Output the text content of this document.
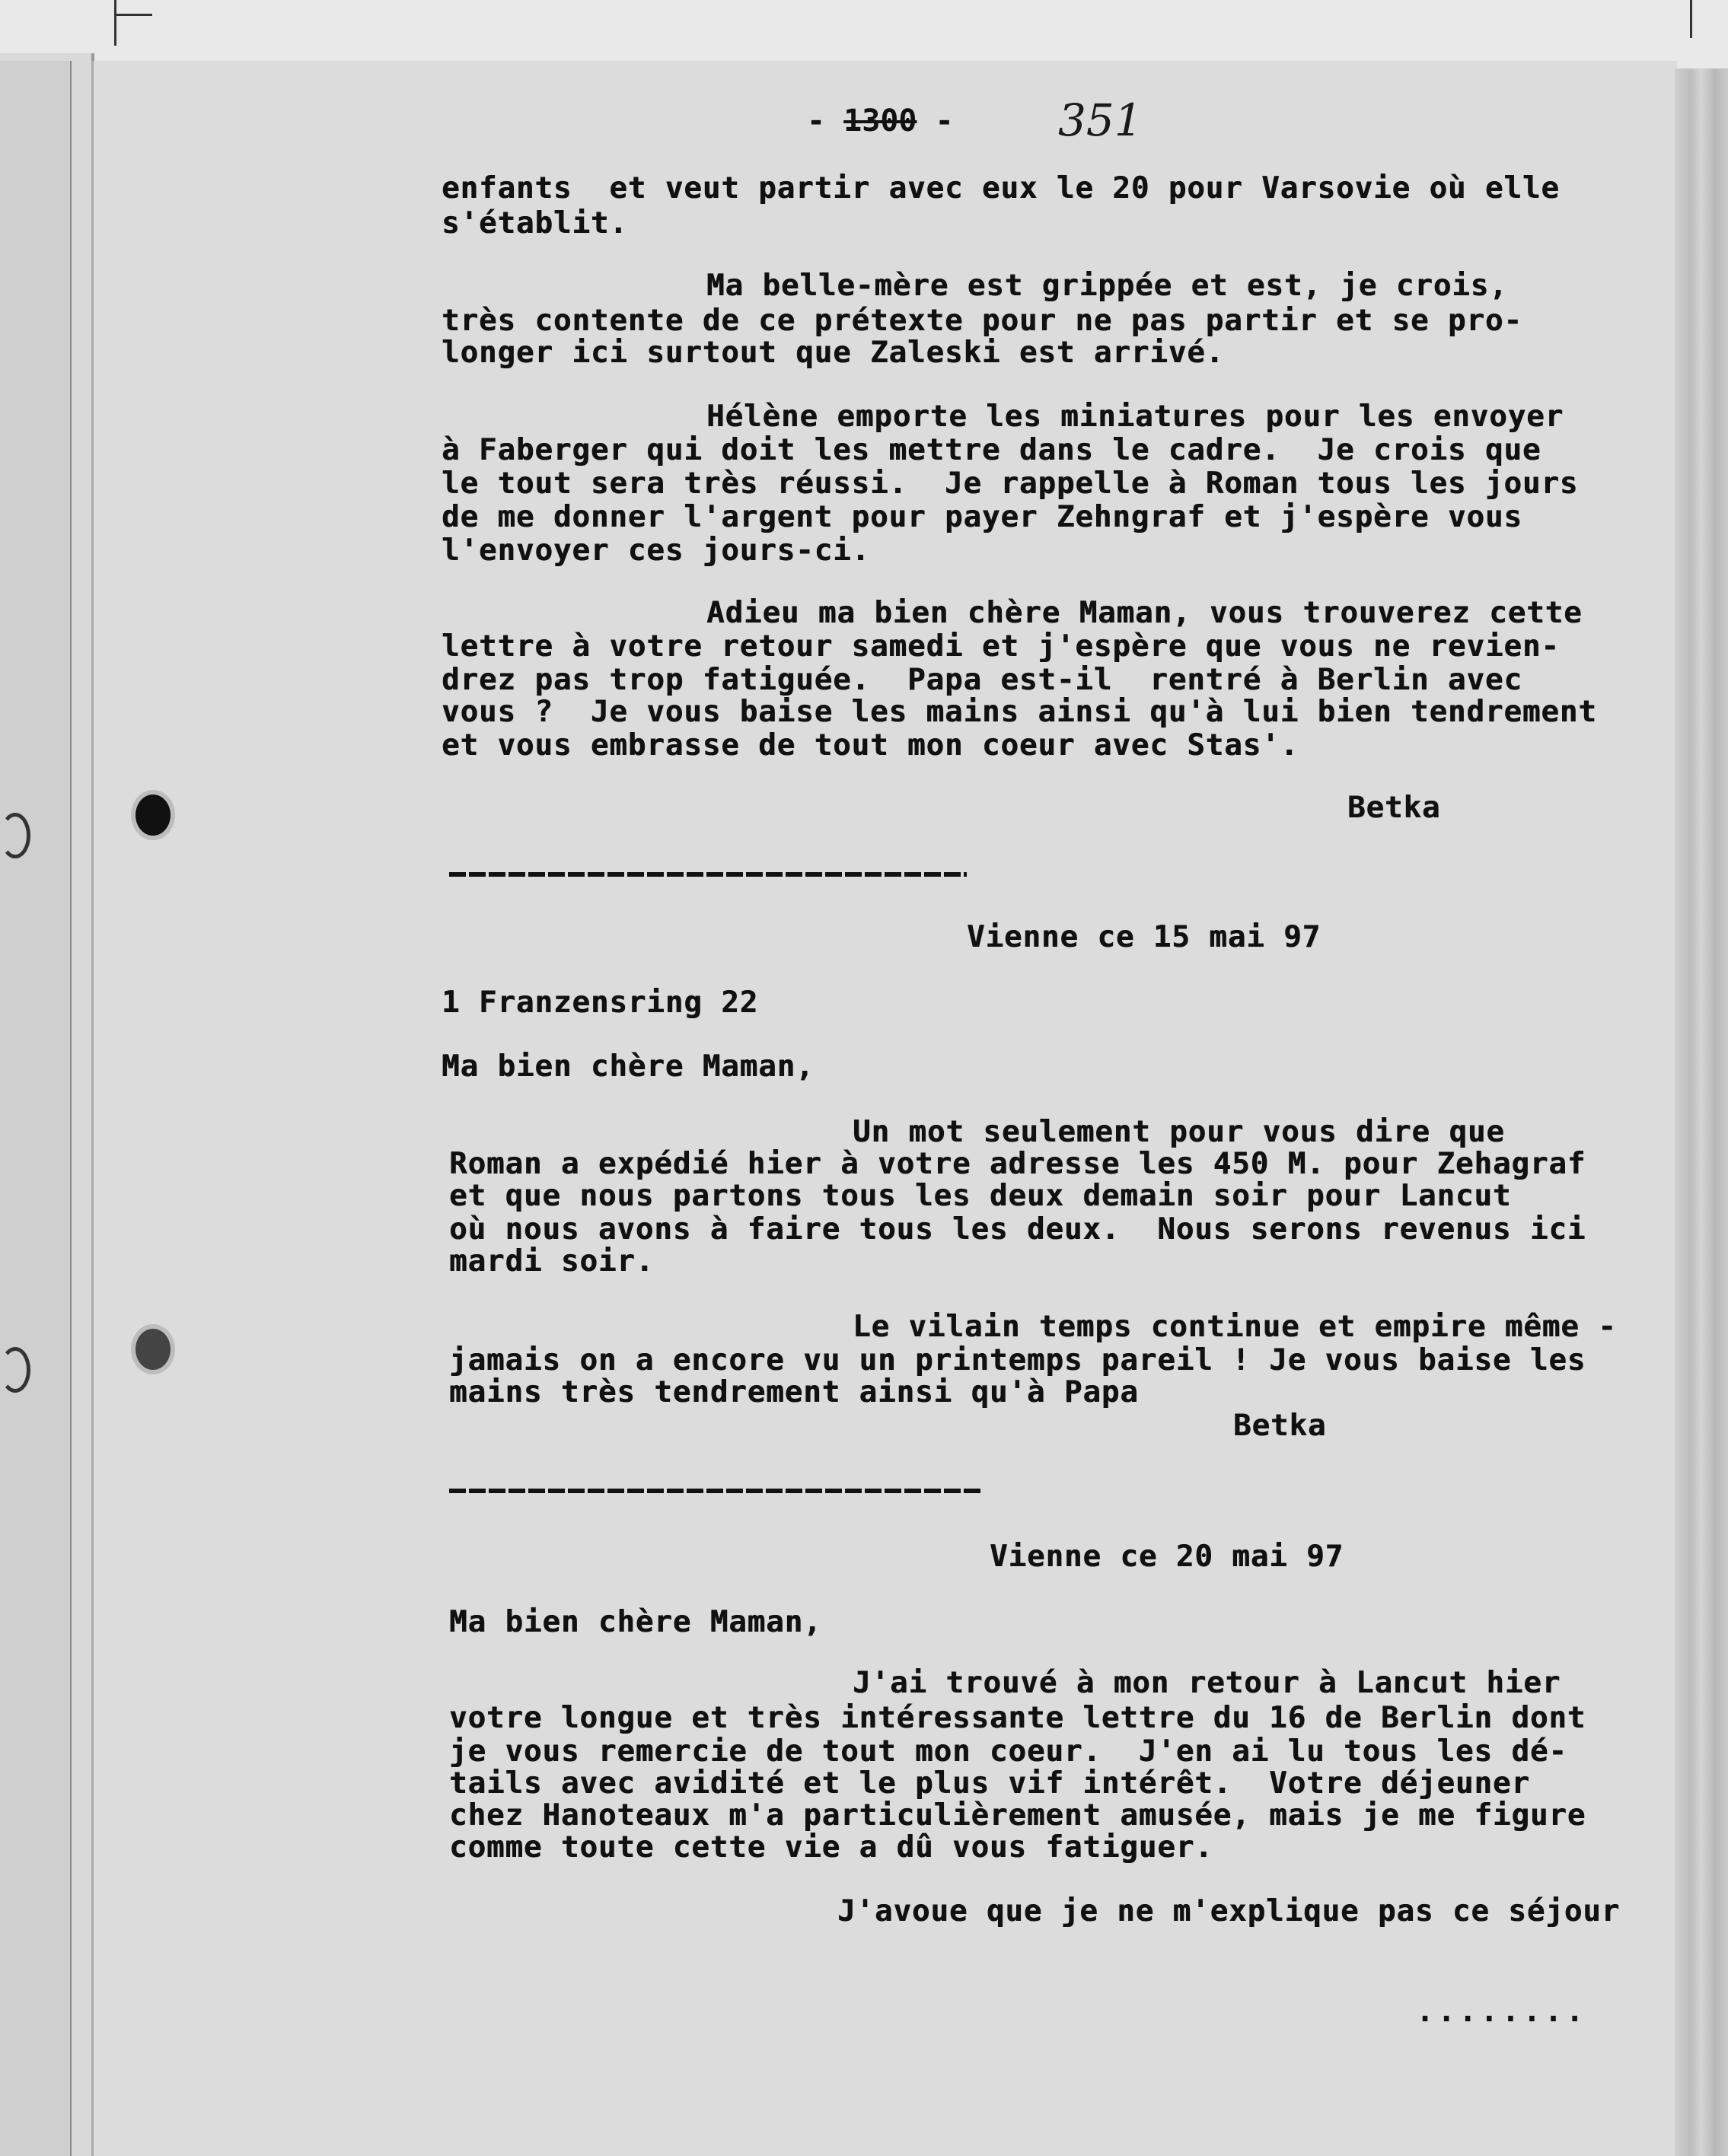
- 1300 - 351
enfants  et veut partir avec eux le 20 pour Varsovie où elle
s'établit.
Ma belle-mère est grippée et est, je crois,
très contente de ce prétexte pour ne pas partir et se pro-
longer ici surtout que Zaleski est arrivé.
Hélène emporte les miniatures pour les envoyer
à Faberger qui doit les mettre dans le cadre.  Je crois que
le tout sera très réussi.  Je rappelle à Roman tous les jours
de me donner l'argent pour payer Zehngraf et j'espère vous
l'envoyer ces jours-ci.
Adieu ma bien chère Maman, vous trouverez cette
lettre à votre retour samedi et j'espère que vous ne revien-
drez pas trop fatiguée.  Papa est-il  rentré à Berlin avec
vous ?  Je vous baise les mains ainsi qu'à lui bien tendrement
et vous embrasse de tout mon coeur avec Stas'.
Betka
Vienne ce 15 mai 97
1 Franzensring 22
Ma bien chère Maman,
Un mot seulement pour vous dire que
Roman a expédié hier à votre adresse les 450 M. pour Zehagraf
et que nous partons tous les deux demain soir pour Lancut
où nous avons à faire tous les deux.  Nous serons revenus ici
mardi soir.
Le vilain temps continue et empire même -
jamais on a encore vu un printemps pareil ! Je vous baise les
mains très tendrement ainsi qu'à Papa
Betka
Vienne ce 20 mai 97
Ma bien chère Maman,
J'ai trouvé à mon retour à Lancut hier
votre longue et très intéressante lettre du 16 de Berlin dont
je vous remercie de tout mon coeur.  J'en ai lu tous les dé-
tails avec avidité et le plus vif intérêt.  Votre déjeuner
chez Hanoteaux m'a particulièrement amusée, mais je me figure
comme toute cette vie a dû vous fatiguer.
J'avoue que je ne m'explique pas ce séjour
........
